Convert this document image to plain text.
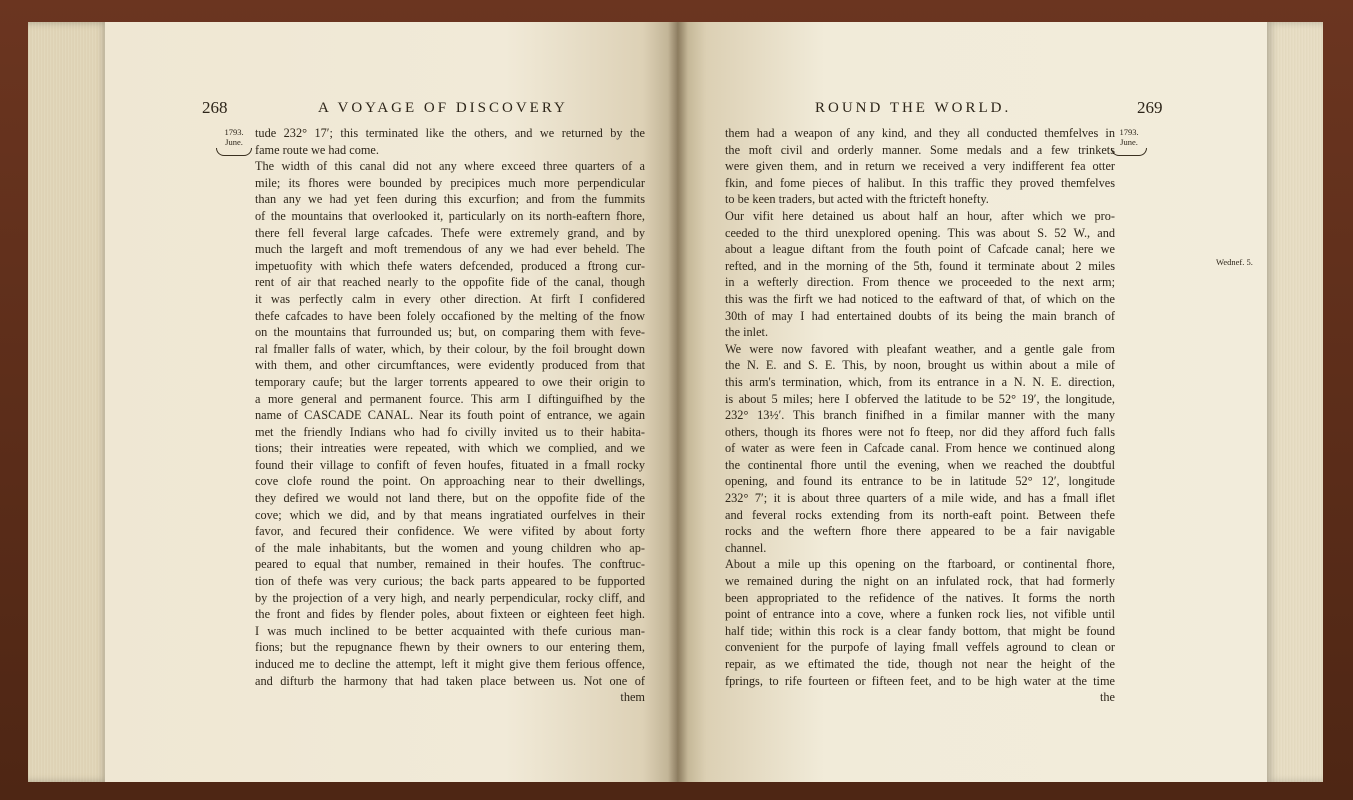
268	A VOYAGE OF DISCOVERY
1793.
June.
tude 232° 17′; this terminated like the others, and we returned by the
fame route we had come.
The width of this canal did not any where exceed three quarters of a
mile; its fhores were bounded by precipices much more perpendicular
than any we had yet feen during this excurfion; and from the fummits
of the mountains that overlooked it, particularly on its north-eaftern fhore,
there fell feveral large cafcades. Thefe were extremely grand, and by
much the largeft and moft tremendous of any we had ever beheld. The
impetuofity with which thefe waters defcended, produced a ftrong cur-
rent of air that reached nearly to the oppofite fide of the canal, though
it was perfectly calm in every other direction. At firft I confidered
thefe cafcades to have been folely occafioned by the melting of the fnow
on the mountains that furrounded us; but, on comparing them with feve-
ral fmaller falls of water, which, by their colour, by the foil brought down
with them, and other circumftances, were evidently produced from that
temporary caufe; but the larger torrents appeared to owe their origin to
a more general and permanent fource. This arm I diftinguifhed by the
name of CASCADE CANAL. Near its fouth point of entrance, we again
met the friendly Indians who had fo civilly invited us to their habita-
tions; their intreaties were repeated, with which we complied, and we
found their village to confift of feven houfes, fituated in a fmall rocky
cove clofe round the point. On approaching near to their dwellings,
they defired we would not land there, but on the oppofite fide of the
cove; which we did, and by that means ingratiated ourfelves in their
favor, and fecured their confidence. We were vifited by about forty
of the male inhabitants, but the women and young children who ap-
peared to equal that number, remained in their houfes. The conftruc-
tion of thefe was very curious; the back parts appeared to be fupported
by the projection of a very high, and nearly perpendicular, rocky cliff, and
the front and fides by flender poles, about fixteen or eighteen feet high.
I was much inclined to be better acquainted with thefe curious man-
fions; but the repugnance fhewn by their owners to our entering them,
induced me to decline the attempt, left it might give them ferious offence,
and difturb the harmony that had taken place between us. Not one of
them
ROUND THE WORLD.	269
1793.
June.
Wednef. 5.
them had a weapon of any kind, and they all conducted themfelves in
the moft civil and orderly manner. Some medals and a few trinkets
were given them, and in return we received a very indifferent fea otter
fkin, and fome pieces of halibut. In this traffic they proved themfelves
to be keen traders, but acted with the ftricteft honefty.
Our vifit here detained us about half an hour, after which we pro-
ceeded to the third unexplored opening. This was about S. 52 W., and
about a league diftant from the fouth point of Cafcade canal; here we
refted, and in the morning of the 5th, found it terminate about 2 miles
in a wefterly direction. From thence we proceeded to the next arm;
this was the firft we had noticed to the eaftward of that, of which on the
30th of may I had entertained doubts of its being the main branch of
the inlet.
We were now favored with pleafant weather, and a gentle gale from
the N. E. and S. E. This, by noon, brought us within about a mile of
this arm's termination, which, from its entrance in a N. N. E. direction,
is about 5 miles; here I obferved the latitude to be 52° 19′, the longitude,
232° 13½′. This branch finifhed in a fimilar manner with the many
others, though its fhores were not fo fteep, nor did they afford fuch falls
of water as were feen in Cafcade canal. From hence we continued along
the continental fhore until the evening, when we reached the doubtful
opening, and found its entrance to be in latitude 52° 12′, longitude
232° 7′; it is about three quarters of a mile wide, and has a fmall iflet
and feveral rocks extending from its north-eaft point. Between thefe
rocks and the weftern fhore there appeared to be a fair navigable
channel.
About a mile up this opening on the ftarboard, or continental fhore,
we remained during the night on an infulated rock, that had formerly
been appropriated to the refidence of the natives. It forms the north
point of entrance into a cove, where a funken rock lies, not vifible until
half tide; within this rock is a clear fandy bottom, that might be found
convenient for the purpofe of laying fmall veffels aground to clean or
repair, as we eftimated the tide, though not near the height of the
fprings, to rife fourteen or fifteen feet, and to be high water at the time
the
